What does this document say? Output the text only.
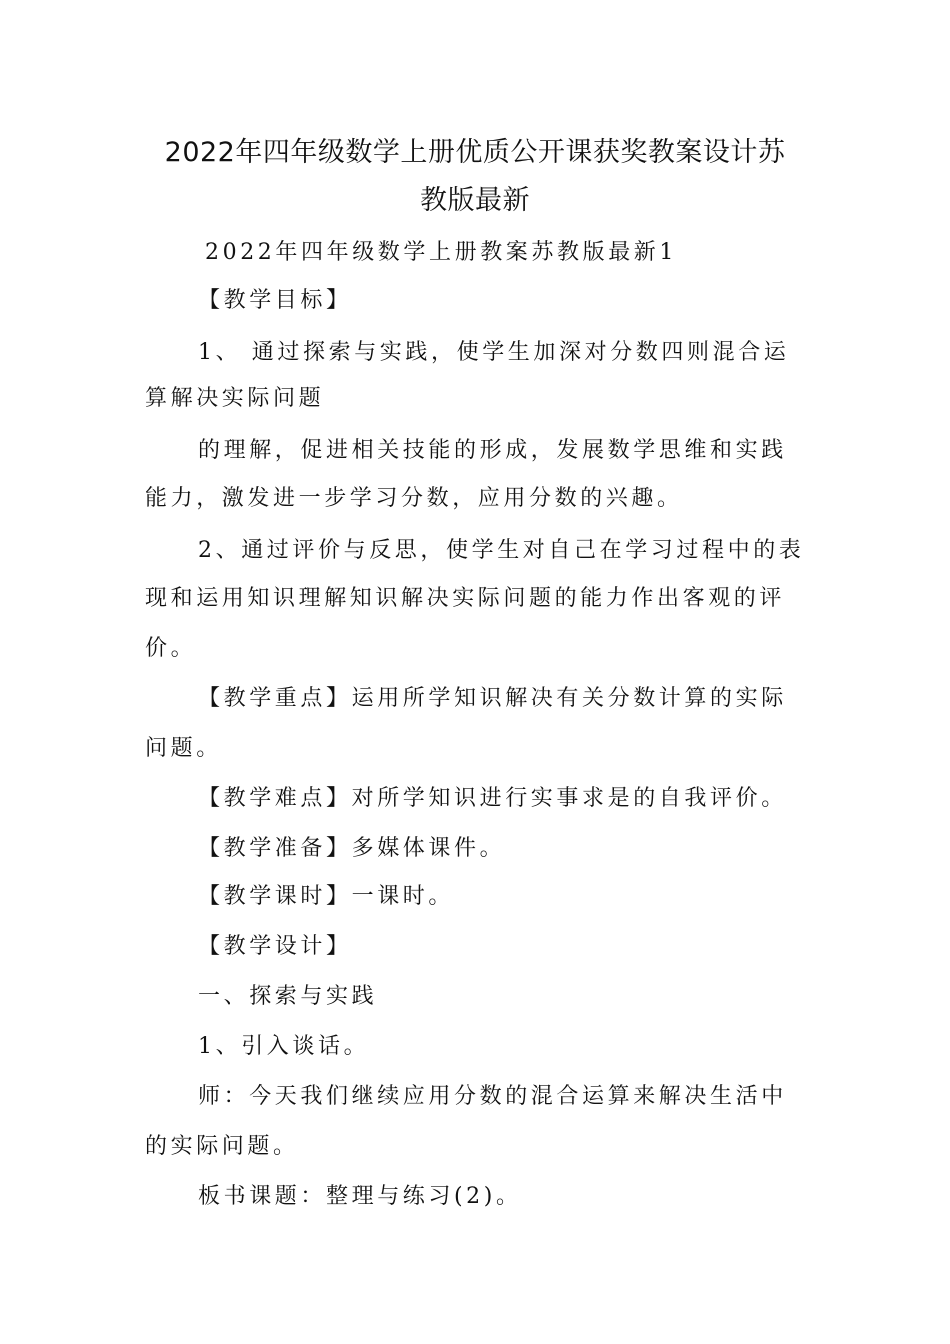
2022年四年级数学上册优质公开课获奖教案设计苏
教版最新
2022年四年级数学上册教案苏教版最新1
【教学目标】
1、 通过探索与实践，使学生加深对分数四则混合运
算解决实际问题
的理解，促进相关技能的形成，发展数学思维和实践
能力，激发进一步学习分数，应用分数的兴趣。
2、通过评价与反思，使学生对自己在学习过程中的表
现和运用知识理解知识解决实际问题的能力作出客观的评
价。
【教学重点】运用所学知识解决有关分数计算的实际
问题。
【教学难点】对所学知识进行实事求是的自我评价。
【教学准备】多媒体课件。
【教学课时】一课时。
【教学设计】
一、探索与实践
1、引入谈话。
师：今天我们继续应用分数的混合运算来解决生活中
的实际问题。
板书课题：整理与练习(2)。
